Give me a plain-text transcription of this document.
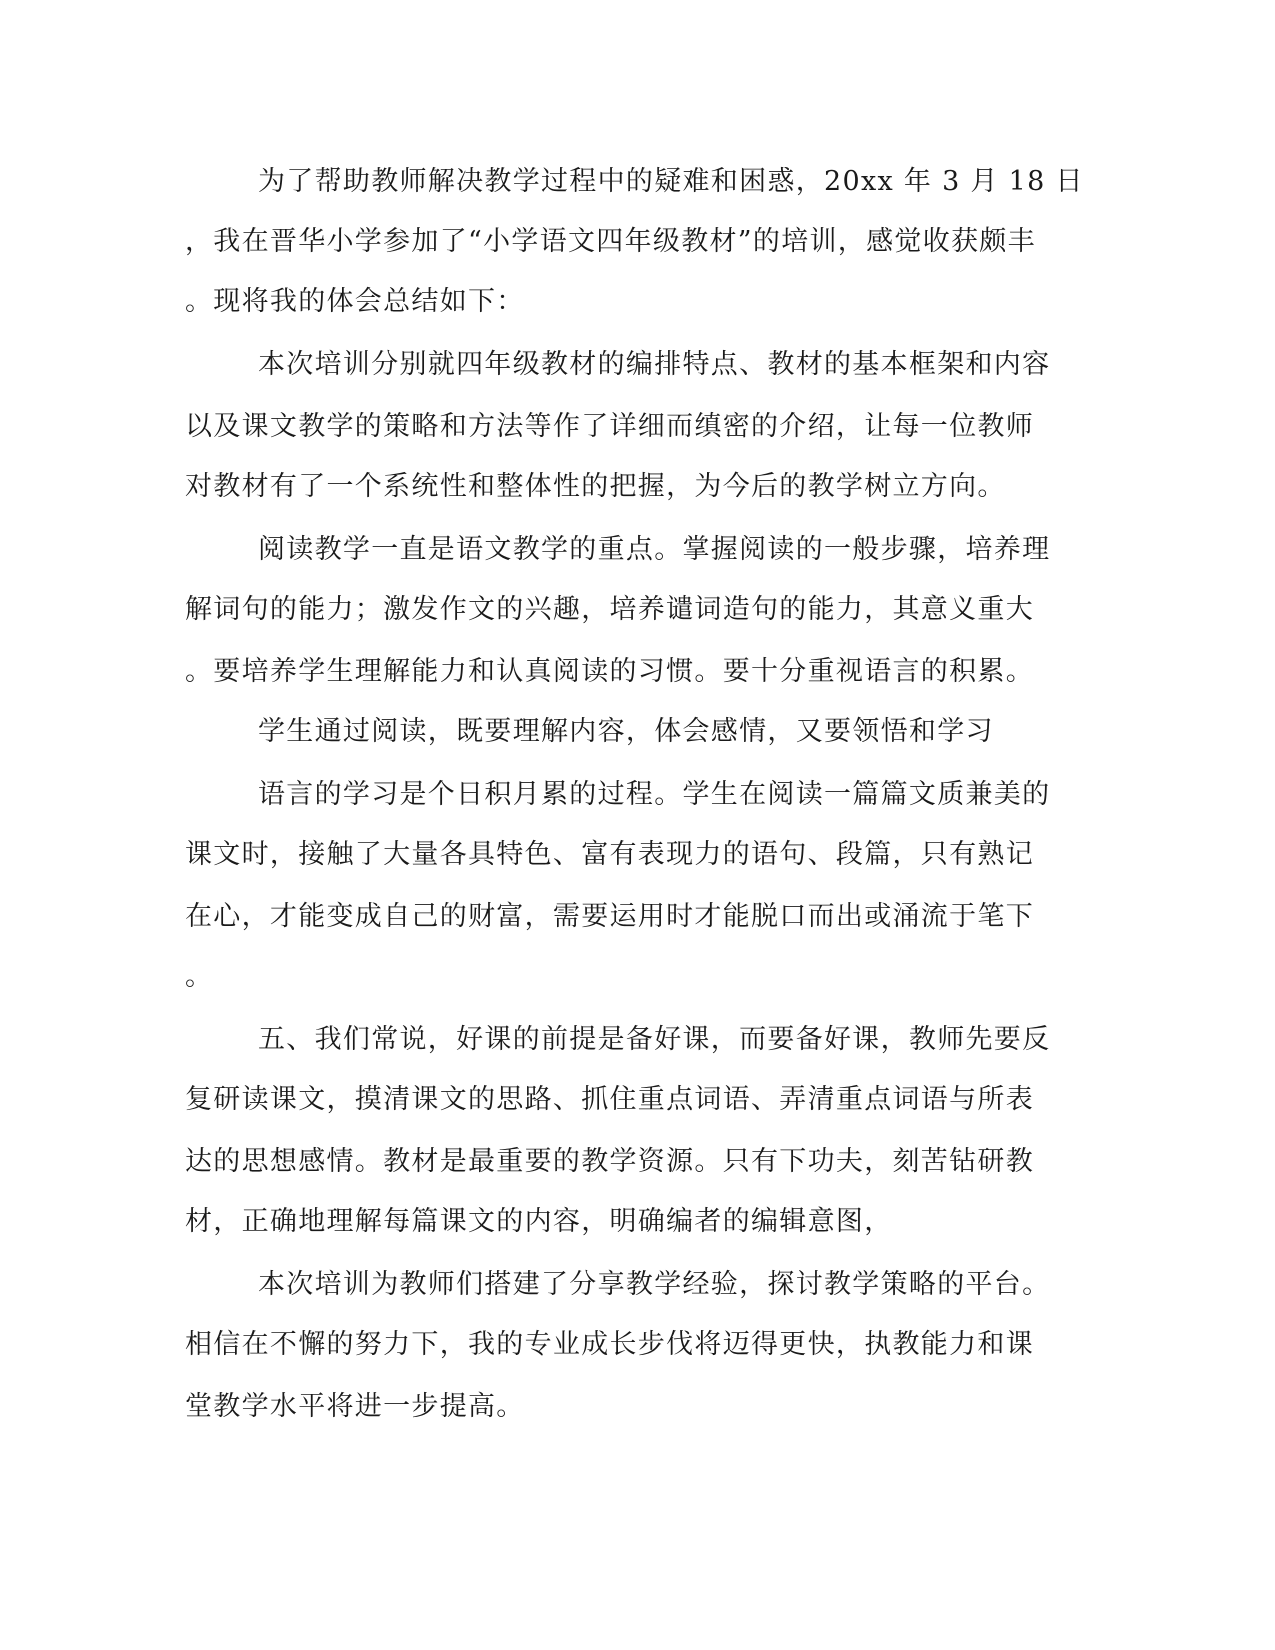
为了帮助教师解决教学过程中的疑难和困惑，20xx 年 3 月 18 日
，我在晋华小学参加了“小学语文四年级教材”的培训，感觉收获颇丰
。现将我的体会总结如下：
本次培训分别就四年级教材的编排特点、教材的基本框架和内容
以及课文教学的策略和方法等作了详细而缜密的介绍，让每一位教师
对教材有了一个系统性和整体性的把握，为今后的教学树立方向。
阅读教学一直是语文教学的重点。掌握阅读的一般步骤，培养理
解词句的能力；激发作文的兴趣，培养谴词造句的能力，其意义重大
。要培养学生理解能力和认真阅读的习惯。要十分重视语言的积累。
学生通过阅读，既要理解内容，体会感情，又要领悟和学习
语言的学习是个日积月累的过程。学生在阅读一篇篇文质兼美的
课文时，接触了大量各具特色、富有表现力的语句、段篇，只有熟记
在心，才能变成自己的财富，需要运用时才能脱口而出或涌流于笔下
。
五、我们常说，好课的前提是备好课，而要备好课，教师先要反
复研读课文，摸清课文的思路、抓住重点词语、弄清重点词语与所表
达的思想感情。教材是最重要的教学资源。只有下功夫，刻苦钻研教
材，正确地理解每篇课文的内容，明确编者的编辑意图，
本次培训为教师们搭建了分享教学经验，探讨教学策略的平台。
相信在不懈的努力下，我的专业成长步伐将迈得更快，执教能力和课
堂教学水平将进一步提高。
